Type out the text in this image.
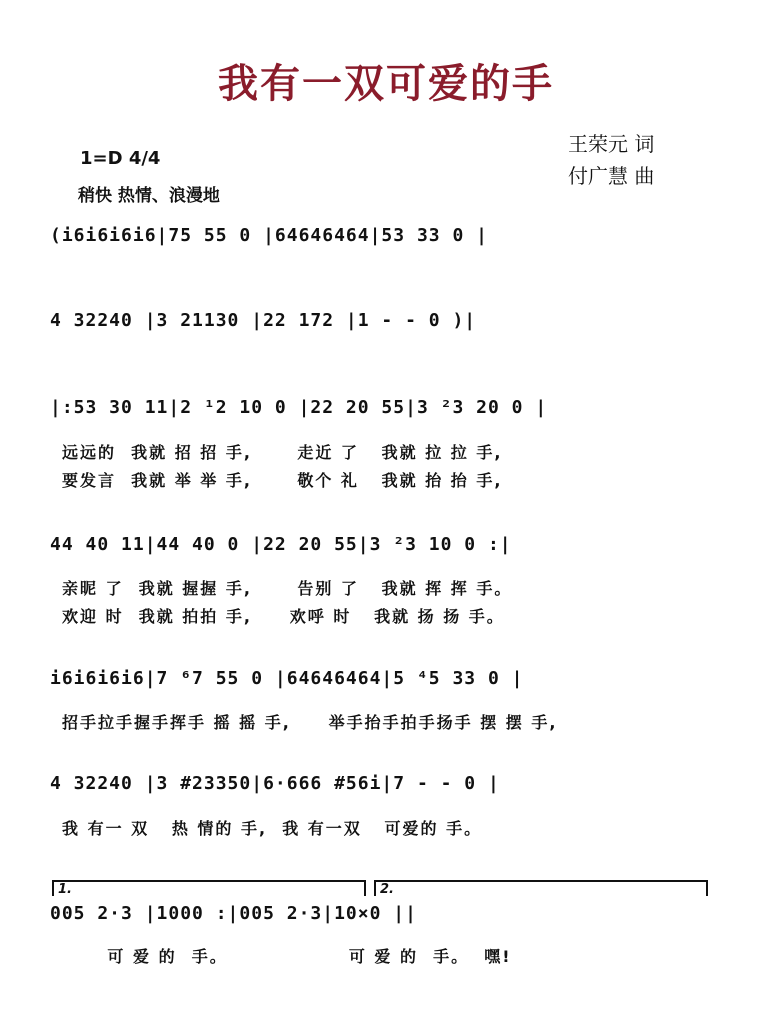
我有一双可爱的手
王荣元 词
付广慧 曲
1=D 4/4
稍快 热情、浪漫地
(i6i6i6i6|75 55 0 |64646464|53 33 0 |
4 32240 |3 21130 |22 172 |1 - - 0 )|
|:53 30 11|2 ¹2 10 0 |22 20 55|3 ²3 20 0 |
远远的  我就 招 招 手,      走近 了   我就 拉 拉 手,
要发言  我就 举 举 手,      敬个 礼   我就 抬 抬 手,
44 40 11|44 40 0 |22 20 55|3 ²3 10 0 :|
亲昵 了  我就 握握 手,      告别 了   我就 挥 挥 手。
欢迎 时  我就 拍拍 手,     欢呼 时   我就 扬 扬 手。
i6i6i6i6|7 ⁶7 55 0 |64646464|5 ⁴5 33 0 |
招手拉手握手挥手 摇 摇 手,     举手抬手拍手扬手 摆 摆 手,
4 32240 |3 #23350|6·666 #56i|7 - - 0 |
我 有一 双   热 情的 手,  我 有一双   可爱的 手。
1.	2.
005 2·3 |1000 :|005 2·3|10×0 ||
可 爱 的  手。                可 爱 的  手。  嘿!
